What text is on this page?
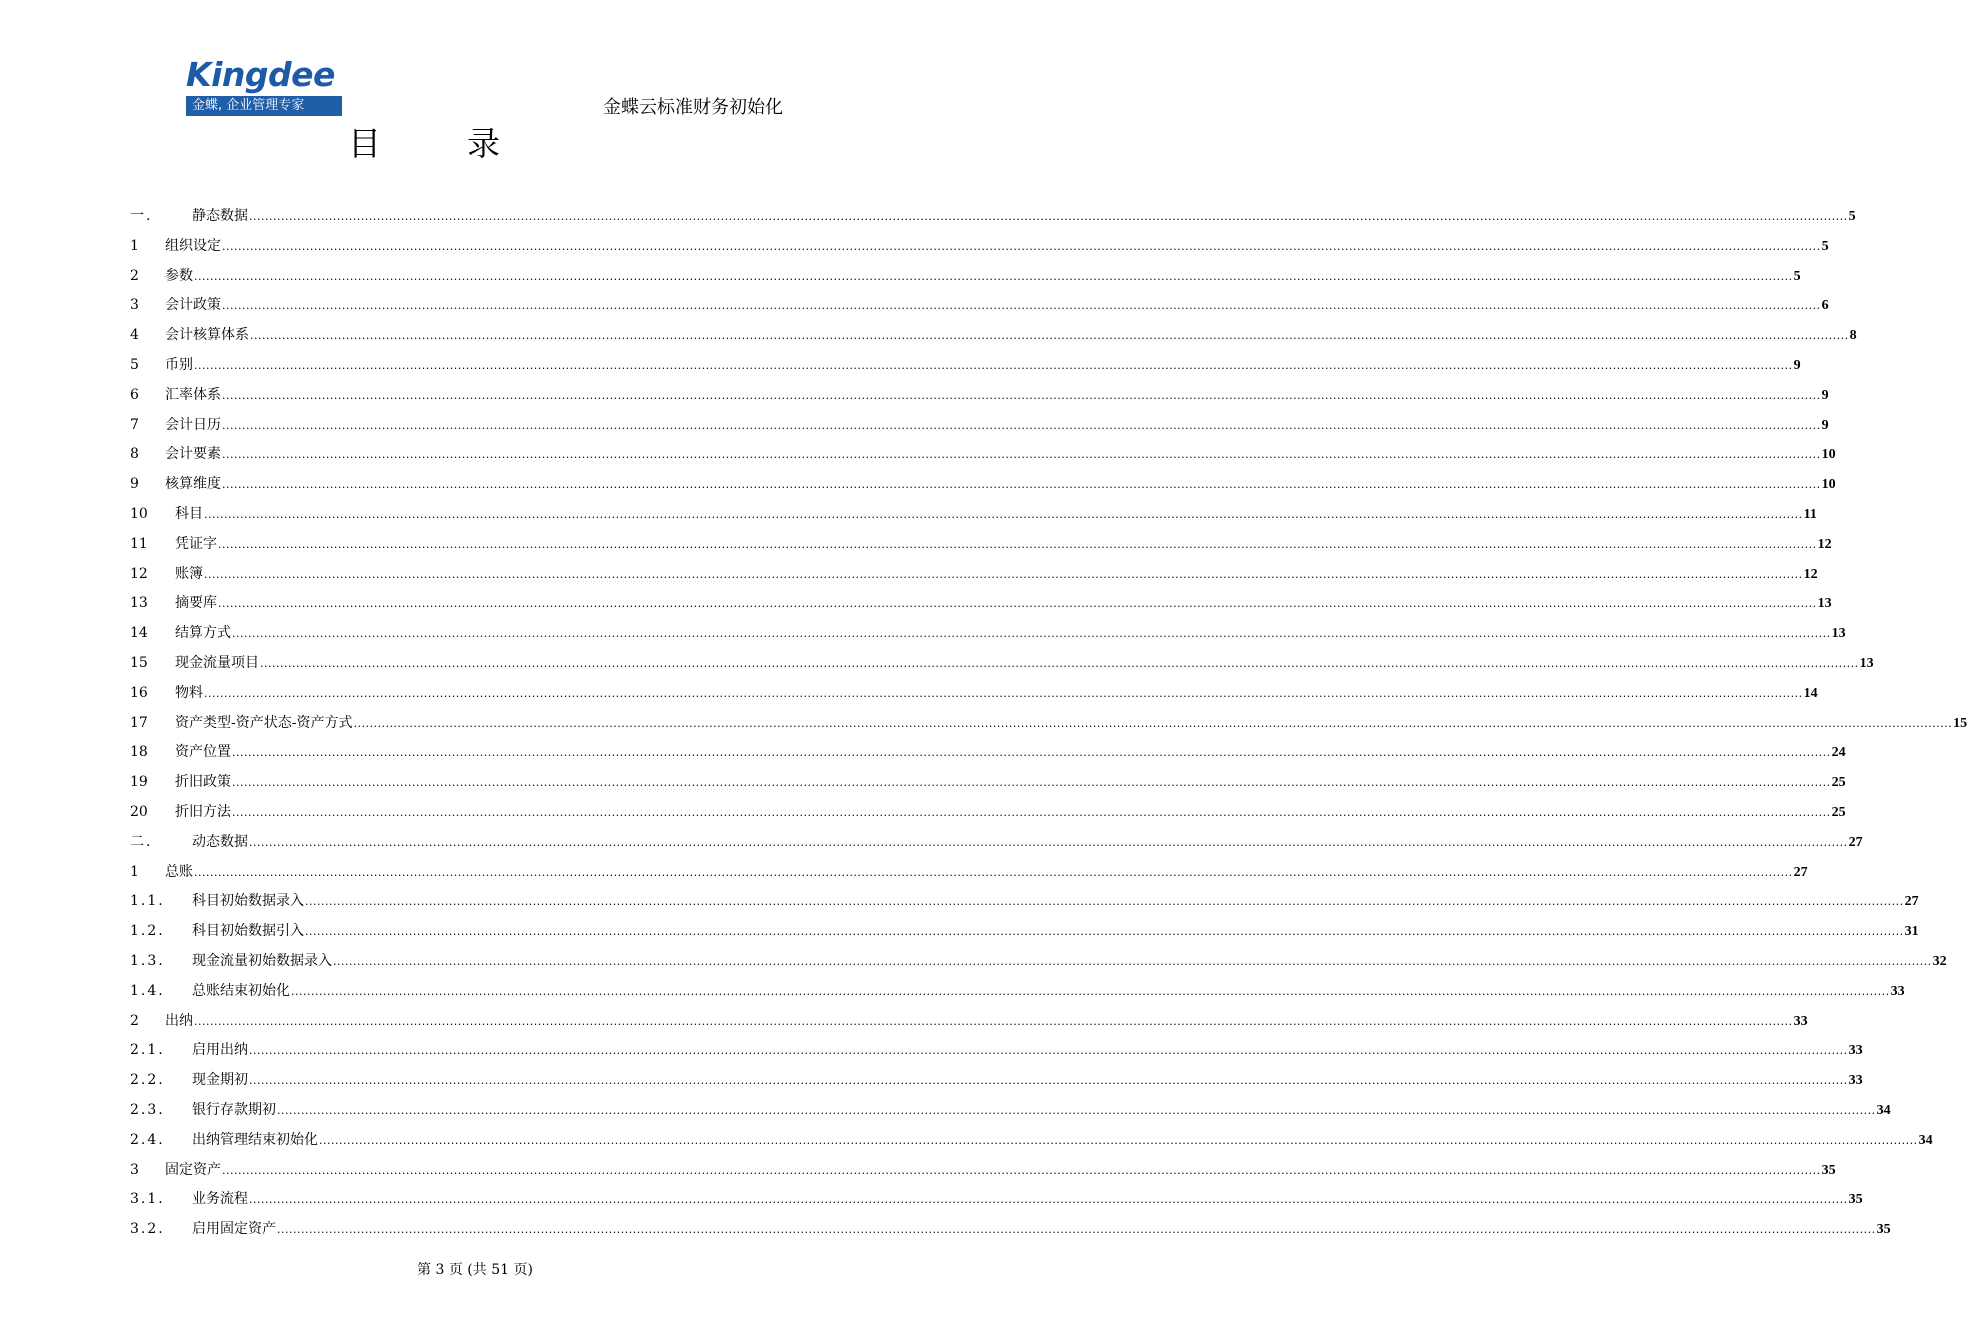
Kingdee
金蝶, 企业管理专家	金蝶云标准财务初始化
目	录
一.	静态数据 ................................................................................................................................................................................................................................................................................................................................................................................................................ 5
1	组织设定 ................................................................................................................................................................................................................................................................................................................................................................................................................ 5
2	参数 ................................................................................................................................................................................................................................................................................................................................................................................................................ 5
3	会计政策 ................................................................................................................................................................................................................................................................................................................................................................................................................ 6
4	会计核算体系 ................................................................................................................................................................................................................................................................................................................................................................................................................ 8
5	币别 ................................................................................................................................................................................................................................................................................................................................................................................................................ 9
6	汇率体系 ................................................................................................................................................................................................................................................................................................................................................................................................................ 9
7	会计日历 ................................................................................................................................................................................................................................................................................................................................................................................................................ 9
8	会计要素 ................................................................................................................................................................................................................................................................................................................................................................................................................ 10
9	核算维度 ................................................................................................................................................................................................................................................................................................................................................................................................................ 10
10	科目 ................................................................................................................................................................................................................................................................................................................................................................................................................ 11
11	凭证字 ................................................................................................................................................................................................................................................................................................................................................................................................................ 12
12	账簿 ................................................................................................................................................................................................................................................................................................................................................................................................................ 12
13	摘要库 ................................................................................................................................................................................................................................................................................................................................................................................................................ 13
14	结算方式 ................................................................................................................................................................................................................................................................................................................................................................................................................ 13
15	现金流量项目 ................................................................................................................................................................................................................................................................................................................................................................................................................ 13
16	物料 ................................................................................................................................................................................................................................................................................................................................................................................................................ 14
17	资产类型-资产状态-资产方式 ................................................................................................................................................................................................................................................................................................................................................................................................................ 15
18	资产位置 ................................................................................................................................................................................................................................................................................................................................................................................................................ 24
19	折旧政策 ................................................................................................................................................................................................................................................................................................................................................................................................................ 25
20	折旧方法 ................................................................................................................................................................................................................................................................................................................................................................................................................ 25
二.	动态数据 ................................................................................................................................................................................................................................................................................................................................................................................................................ 27
1	总账 ................................................................................................................................................................................................................................................................................................................................................................................................................ 27
1.1.	科目初始数据录入 ................................................................................................................................................................................................................................................................................................................................................................................................................ 27
1.2.	科目初始数据引入 ................................................................................................................................................................................................................................................................................................................................................................................................................ 31
1.3.	现金流量初始数据录入 ................................................................................................................................................................................................................................................................................................................................................................................................................ 32
1.4.	总账结束初始化 ................................................................................................................................................................................................................................................................................................................................................................................................................ 33
2	出纳 ................................................................................................................................................................................................................................................................................................................................................................................................................ 33
2.1.	启用出纳 ................................................................................................................................................................................................................................................................................................................................................................................................................ 33
2.2.	现金期初 ................................................................................................................................................................................................................................................................................................................................................................................................................ 33
2.3.	银行存款期初 ................................................................................................................................................................................................................................................................................................................................................................................................................ 34
2.4.	出纳管理结束初始化 ................................................................................................................................................................................................................................................................................................................................................................................................................ 34
3	固定资产 ................................................................................................................................................................................................................................................................................................................................................................................................................ 35
3.1.	业务流程 ................................................................................................................................................................................................................................................................................................................................................................................................................ 35
3.2.	启用固定资产 ................................................................................................................................................................................................................................................................................................................................................................................................................ 35
第 3 页 (共 51 页)
